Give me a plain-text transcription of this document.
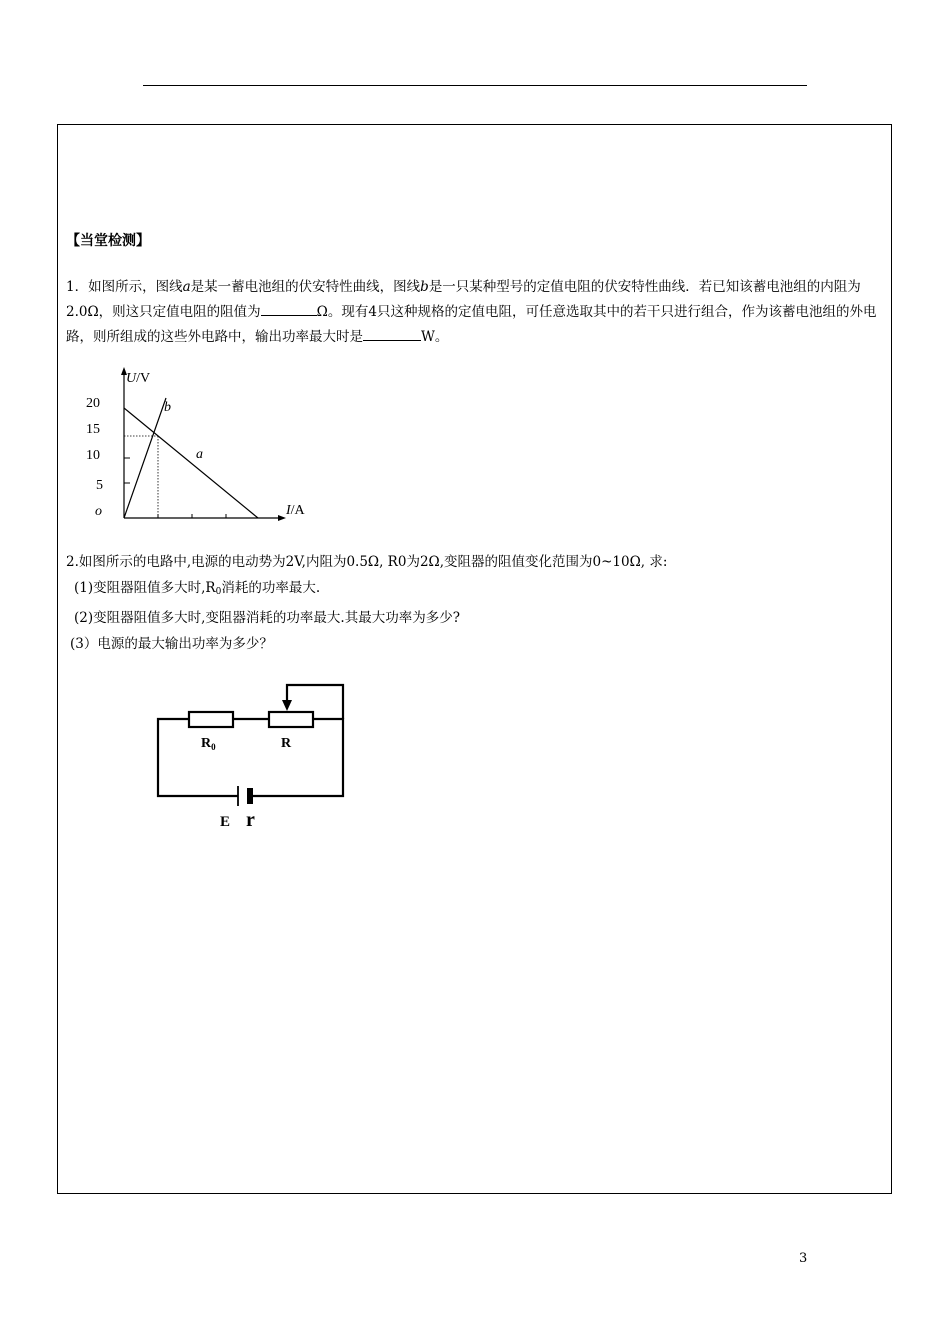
【当堂检测】
1．如图所示，图线a是某一蓄电池组的伏安特性曲线，图线b是一只某种型号的定值电阻的伏安特性曲线．若已知该蓄电池组的内阻为2.0Ω，则这只定值电阻的阻值为	Ω。现有4只这种规格的定值电阻，可任意选取其中的若干只进行组合，作为该蓄电池组的外电路，则所组成的这些外电路中，输出功率最大时是	W。
U/V
I/A
o
20
15
10
5
b
a
2.如图所示的电路中,电源的电动势为2V,内阻为0.5Ω, R0为2Ω,变阻器的阻值变化范围为0~10Ω, 求:
(1)变阻器阻值多大时$,R_0$消耗的功率最大.
(2)变阻器阻值多大时,变阻器消耗的功率最大.其最大功率为多少?
(3）电源的最大输出功率为多少？
$R_0$	R
E r
3
